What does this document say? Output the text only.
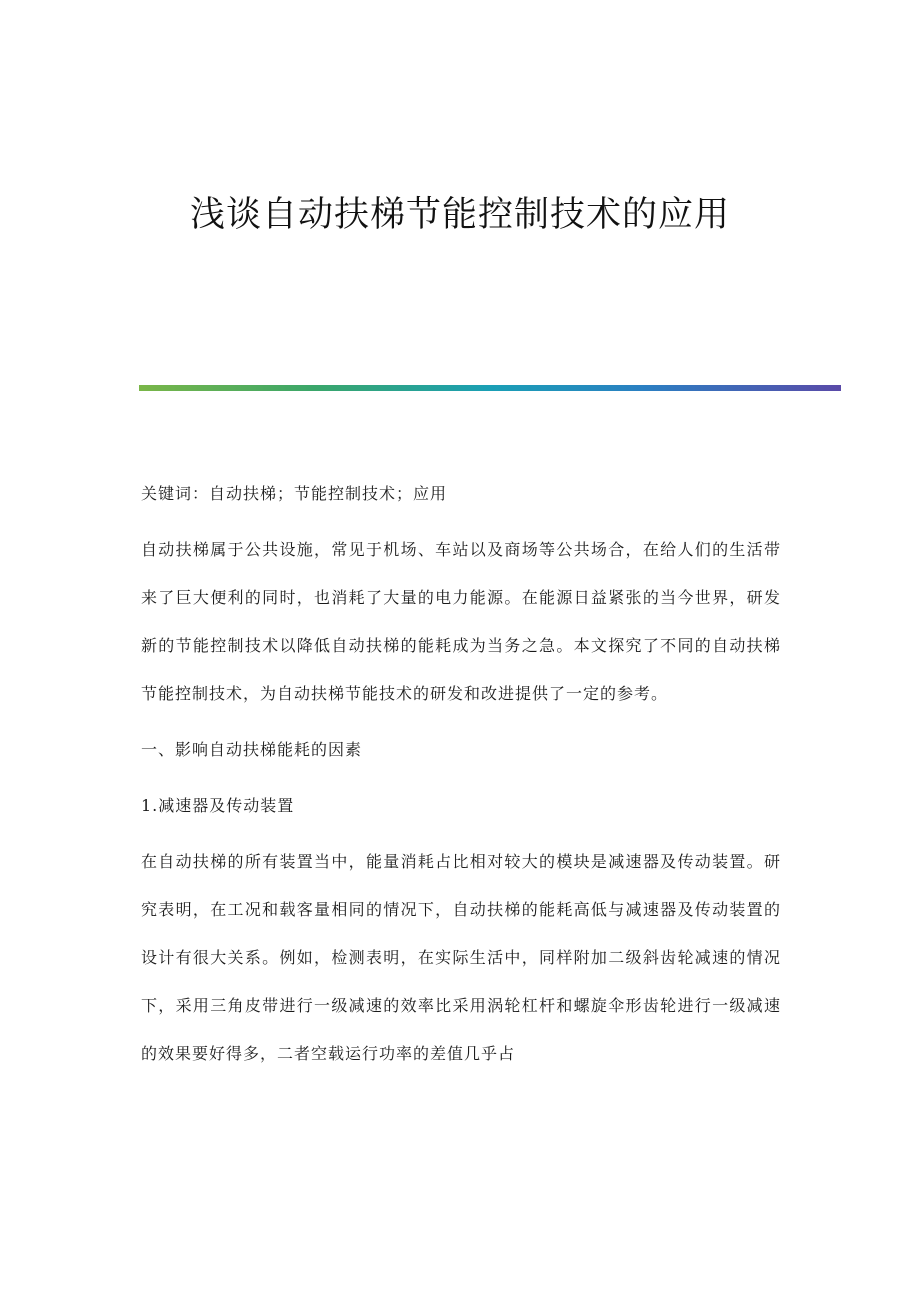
浅谈自动扶梯节能控制技术的应用

关键词：自动扶梯；节能控制技术；应用

自动扶梯属于公共设施，常见于机场、车站以及商场等公共场合，在给人们的生活带来了巨大便利的同时，也消耗了大量的电力能源。在能源日益紧张的当今世界，研发新的节能控制技术以降低自动扶梯的能耗成为当务之急。本文探究了不同的自动扶梯节能控制技术，为自动扶梯节能技术的研发和改进提供了一定的参考。

一、影响自动扶梯能耗的因素

1.减速器及传动装置

在自动扶梯的所有装置当中，能量消耗占比相对较大的模块是减速器及传动装置。研究表明，在工况和载客量相同的情况下，自动扶梯的能耗高低与减速器及传动装置的设计有很大关系。例如，检测表明，在实际生活中，同样附加二级斜齿轮减速的情况下，采用三角皮带进行一级减速的效率比采用涡轮杠杆和螺旋伞形齿轮进行一级减速的效果要好得多，二者空载运行功率的差值几乎占
